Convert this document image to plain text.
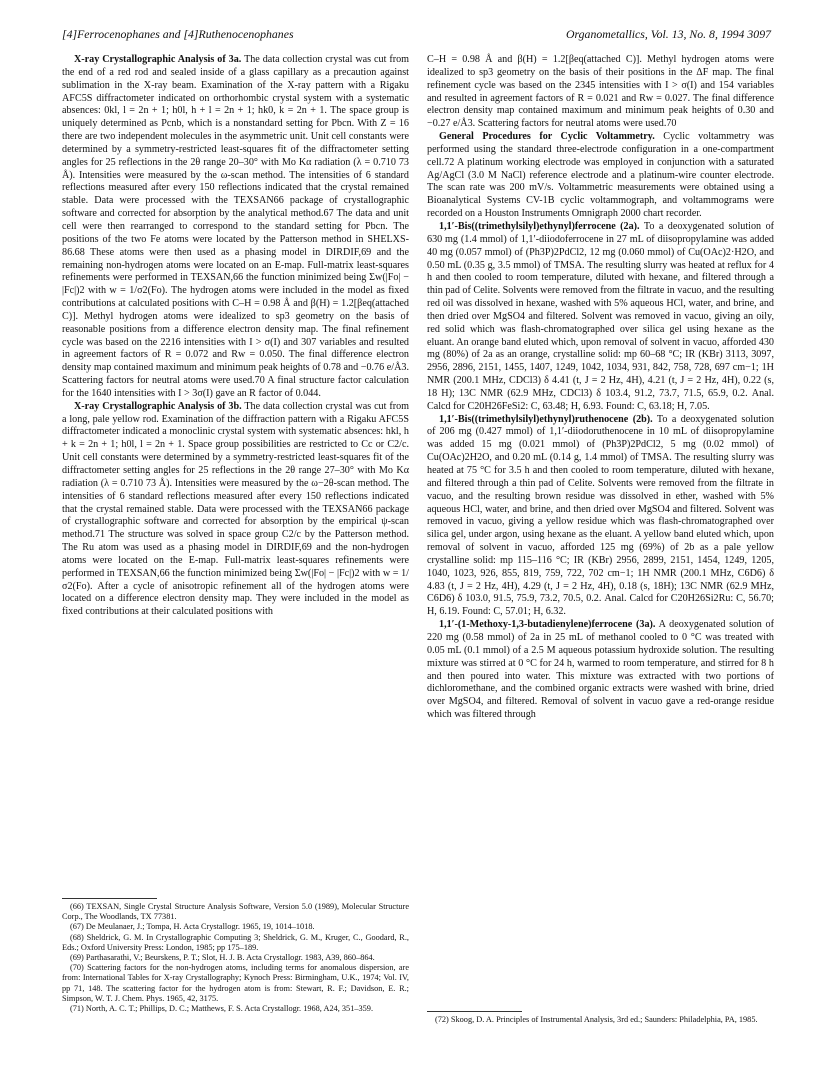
[4]Ferrocenophanes and [4]Ruthenocenophanes	Organometallics, Vol. 13, No. 8, 1994 3097

X-ray Crystallographic Analysis of 3a. The data collection crystal was cut from the end of a red rod and sealed inside of a glass capillary as a precaution against sublimation in the X-ray beam. Examination of the X-ray pattern with a Rigaku AFC5S diffractometer indicated on orthorhombic crystal system with a systematic absences: 0kl, l = 2n + 1; h0l, h + l = 2n + 1; hk0, k = 2n + 1. The space group is uniquely determined as Pcnb, which is a nonstandard setting for Pbcn. With Z = 16 there are two independent molecules in the asymmetric unit. Unit cell constants were determined by a symmetry-restricted least-squares fit of the diffractometer setting angles for 25 reflections in the 2θ range 20–30° with Mo Kα radiation (λ = 0.710 73 Å). Intensities were measured by the ω-scan method. The intensities of 6 standard reflections measured after every 150 reflections indicated that the crystal remained stable. Data were processed with the TEXSAN66 package of crystallographic software and corrected for absorption by the analytical method.67 The data and unit cell were then rearranged to correspond to the standard setting for Pbcn. The positions of the two Fe atoms were located by the Patterson method in SHELXS-86.68 These atoms were then used as a phasing model in DIRDIF,69 and the remaining non-hydrogen atoms were located on an E-map. Full-matrix least-squares refinements were performed in TEXSAN,66 the function minimized being Σw(|Fo| − |Fc|)2 with w = 1/σ2(Fo). The hydrogen atoms were included in the model as fixed contributions at calculated positions with C–H = 0.98 Å and β(H) = 1.2[βeq(attached C)]. Methyl hydrogen atoms were idealized to sp3 geometry on the basis of reasonable positions from a difference electron density map. The final refinement cycle was based on the 2216 intensities with I > σ(I) and 307 variables and resulted in agreement factors of R = 0.072 and Rw = 0.050. The final difference electron density map contained maximum and minimum peak heights of 0.78 and −0.76 e/Å3. Scattering factors for neutral atoms were used.70 A final structure factor calculation for the 1640 intensities with I > 3σ(I) gave an R factor of 0.044.

X-ray Crystallographic Analysis of 3b. The data collection crystal was cut from a long, pale yellow rod. Examination of the diffraction pattern with a Rigaku AFC5S diffractometer indicated a monoclinic crystal system with systematic absences: hkl, h + k = 2n + 1; h0l, l = 2n + 1. Space group possibilities are restricted to Cc or C2/c. Unit cell constants were determined by a symmetry-restricted least-squares fit of the diffractometer setting angles for 25 reflections in the 2θ range 27–30° with Mo Kα radiation (λ = 0.710 73 Å). Intensities were measured by the ω−2θ-scan method. The intensities of 6 standard reflections measured after every 150 reflections indicated that the crystal remained stable. Data were processed with the TEXSAN66 package of crystallographic software and corrected for absorption by the empirical ψ-scan method.71 The structure was solved in space group C2/c by the Patterson method. The Ru atom was used as a phasing model in DIRDIF,69 and the non-hydrogen atoms were located on the E-map. Full-matrix least-squares refinements were performed in TEXSAN,66 the function minimized being Σw(|Fo| − |Fc|)2 with w = 1/σ2(Fo). After a cycle of anisotropic refinement all of the hydrogen atoms were located on a difference electron density map. They were included in the model as fixed contributions at their calculated positions with

C–H = 0.98 Å and β(H) = 1.2[βeq(attached C)]. Methyl hydrogen atoms were idealized to sp3 geometry on the basis of their positions in the ΔF map. The final refinement cycle was based on the 2345 intensities with I > σ(I) and 154 variables and resulted in agreement factors of R = 0.021 and Rw = 0.027. The final difference electron density map contained maximum and minimum peak heights of 0.30 and −0.27 e/Å3. Scattering factors for neutral atoms were used.70

General Procedures for Cyclic Voltammetry. Cyclic voltammetry was performed using the standard three-electrode configuration in a one-compartment cell.72 A platinum working electrode was employed in conjunction with a saturated Ag/AgCl (3.0 M NaCl) reference electrode and a platinum-wire counter electrode. The scan rate was 200 mV/s. Voltammetric measurements were obtained using a Bioanalytical Systems CV-1B cyclic voltammograph, and voltammograms were recorded on a Houston Instruments Omnigraph 2000 chart recorder.

1,1′-Bis((trimethylsilyl)ethynyl)ferrocene (2a). To a deoxygenated solution of 630 mg (1.4 mmol) of 1,1′-diiodoferrocene in 27 mL of diisopropylamine was added 40 mg (0.057 mmol) of (Ph3P)2PdCl2, 12 mg (0.060 mmol) of Cu(OAc)2·H2O, and 0.50 mL (0.35 g, 3.5 mmol) of TMSA. The resulting slurry was heated at reflux for 4 h and then cooled to room temperature, diluted with hexane, and filtered through a thin pad of Celite. Solvents were removed from the filtrate in vacuo, and the resulting red oil was dissolved in hexane, washed with 5% aqueous HCl, water, and brine, and then dried over MgSO4 and filtered. Solvent was removed in vacuo, giving an oily, red solid which was flash-chromatographed over silica gel using hexane as the eluant. An orange band eluted which, upon removal of solvent in vacuo, afforded 430 mg (80%) of 2a as an orange, crystalline solid: mp 60–68 °C; IR (KBr) 3113, 3097, 2956, 2896, 2151, 1455, 1407, 1249, 1042, 1034, 931, 842, 758, 728, 697 cm−1; 1H NMR (200.1 MHz, CDCl3) δ 4.41 (t, J = 2 Hz, 4H), 4.21 (t, J = 2 Hz, 4H), 0.22 (s, 18 H); 13C NMR (62.9 MHz, CDCl3) δ 103.4, 91.2, 73.7, 71.5, 65.9, 0.2. Anal. Calcd for C20H26FeSi2: C, 63.48; H, 6.93. Found: C, 63.18; H, 7.05.

1,1′-Bis((trimethylsilyl)ethynyl)ruthenocene (2b). To a deoxygenated solution of 206 mg (0.427 mmol) of 1,1′-diiodoruthenocene in 10 mL of diisopropylamine was added 15 mg (0.021 mmol) of (Ph3P)2PdCl2, 5 mg (0.02 mmol) of Cu(OAc)2H2O, and 0.20 mL (0.14 g, 1.4 mmol) of TMSA. The resulting slurry was heated at 75 °C for 3.5 h and then cooled to room temperature, diluted with hexane, and filtered through a thin pad of Celite. Solvents were removed from the filtrate in vacuo, and the resulting brown residue was dissolved in ether, washed with 5% aqueous HCl, water, and brine, and then dried over MgSO4 and filtered. Solvent was removed in vacuo, giving a yellow residue which was flash-chromatographed over silica gel, under argon, using hexane as the eluant. A yellow band eluted which, upon removal of solvent in vacuo, afforded 125 mg (69%) of 2b as a pale yellow crystalline solid: mp 115–116 °C; IR (KBr) 2956, 2899, 2151, 1454, 1249, 1205, 1040, 1023, 926, 855, 819, 759, 722, 702 cm−1; 1H NMR (200.1 MHz, C6D6) δ 4.83 (t, J = 2 Hz, 4H), 4.29 (t, J = 2 Hz, 4H), 0.18 (s, 18H); 13C NMR (62.9 MHz, C6D6) δ 103.0, 91.5, 75.9, 73.2, 70.5, 0.2. Anal. Calcd for C20H26Si2Ru: C, 56.70; H, 6.19. Found: C, 57.01; H, 6.32.

1,1′-(1-Methoxy-1,3-butadienylene)ferrocene (3a). A deoxygenated solution of 220 mg (0.58 mmol) of 2a in 25 mL of methanol cooled to 0 °C was treated with 0.05 mL (0.1 mmol) of a 2.5 M aqueous potassium hydroxide solution. The resulting mixture was stirred at 0 °C for 24 h, warmed to room temperature, and stirred for 8 h and then poured into water. This mixture was extracted with two portions of dichloromethane, and the combined organic extracts were washed with brine, dried over MgSO4, and filtered. Removal of solvent in vacuo gave a red-orange residue which was filtered through

(66) TEXSAN, Single Crystal Structure Analysis Software, Version 5.0 (1989), Molecular Structure Corp., The Woodlands, TX 77381.
(67) De Meulanaer, J.; Tompa, H. Acta Crystallogr. 1965, 19, 1014–1018.
(68) Sheldrick, G. M. In Crystallographic Computing 3; Sheldrick, G. M., Kruger, C., Goodard, R., Eds.; Oxford University Press: London, 1985; pp 175–189.
(69) Parthasarathi, V.; Beurskens, P. T.; Slot, H. J. B. Acta Crystallogr. 1983, A39, 860–864.
(70) Scattering factors for the non-hydrogen atoms, including terms for anomalous dispersion, are from: International Tables for X-ray Crystallography; Kynoch Press: Birmingham, U.K., 1974; Vol. IV, pp 71, 148. The scattering factor for the hydrogen atom is from: Stewart, R. F.; Davidson, E. R.; Simpson, W. T. J. Chem. Phys. 1965, 42, 3175.
(71) North, A. C. T.; Phillips, D. C.; Matthews, F. S. Acta Crystallogr. 1968, A24, 351–359.
(72) Skoog, D. A. Principles of Instrumental Analysis, 3rd ed.; Saunders: Philadelphia, PA, 1985.
